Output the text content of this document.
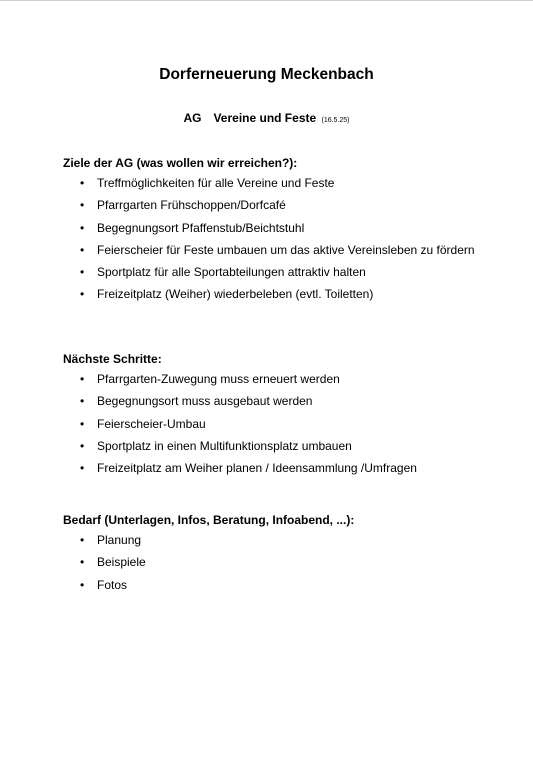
Dorferneuerung Meckenbach
AG Vereine und Feste (16.5.25)
Ziele der AG (was wollen wir erreichen?):
• Treffmöglichkeiten für alle Vereine und Feste
• Pfarrgarten Frühschoppen/Dorfcafé
• Begegnungsort Pfaffenstub/Beichtstuhl
• Feierscheier für Feste umbauen um das aktive Vereinsleben zu fördern
• Sportplatz für alle Sportabteilungen attraktiv halten
• Freizeitplatz (Weiher) wiederbeleben (evtl. Toiletten)
Nächste Schritte:
• Pfarrgarten-Zuwegung muss erneuert werden
• Begegnungsort muss ausgebaut werden
• Feierscheier-Umbau
• Sportplatz in einen Multifunktionsplatz umbauen
• Freizeitplatz am Weiher planen / Ideensammlung /Umfragen
Bedarf (Unterlagen, Infos, Beratung, Infoabend, ...):
• Planung
• Beispiele
• Fotos
